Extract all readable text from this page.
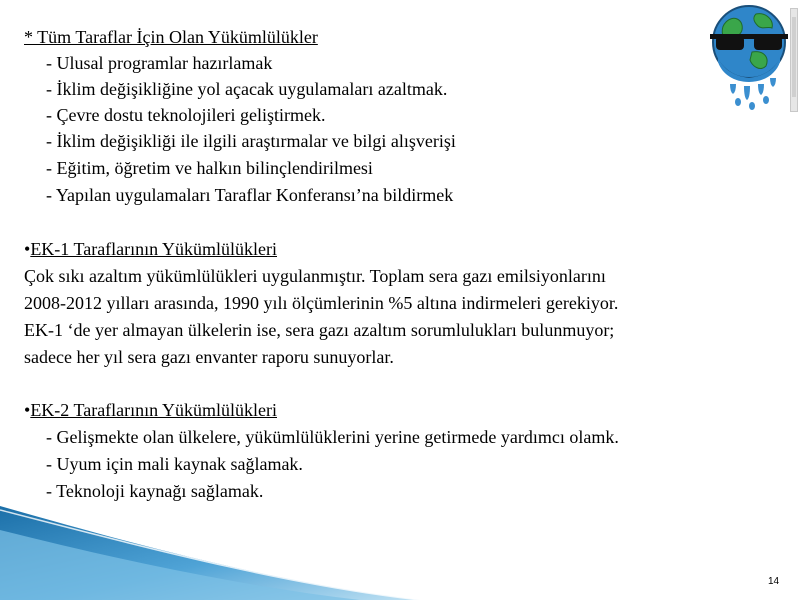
* Tüm Taraflar İçin Olan Yükümlülükler
- Ulusal programlar hazırlamak
- İklim değişikliğine yol açacak uygulamaları azaltmak.
- Çevre dostu teknolojileri geliştirmek.
- İklim değişikliği ile ilgili araştırmalar ve bilgi alışverişi
- Eğitim, öğretim ve halkın bilinçlendirilmesi
- Yapılan uygulamaları Taraflar Konferansı’na bildirmek
•EK-1 Taraflarının Yükümlülükleri
Çok sıkı azaltım yükümlülükleri uygulanmıştır. Toplam sera gazı emilsiyonlarını
2008-2012 yılları arasında, 1990 yılı ölçümlerinin %5 altına indirmeleri gerekiyor.
EK-1 ‘de yer almayan ülkelerin ise, sera gazı azaltım sorumlulukları bulunmuyor;
sadece her yıl sera gazı envanter raporu sunuyorlar.
•EK-2 Taraflarının Yükümlülükleri
- Gelişmekte olan ülkelere, yükümlülüklerini yerine getirmede yardımcı olamk.
- Uyum için mali kaynak sağlamak.
- Teknoloji kaynağı sağlamak.
14
